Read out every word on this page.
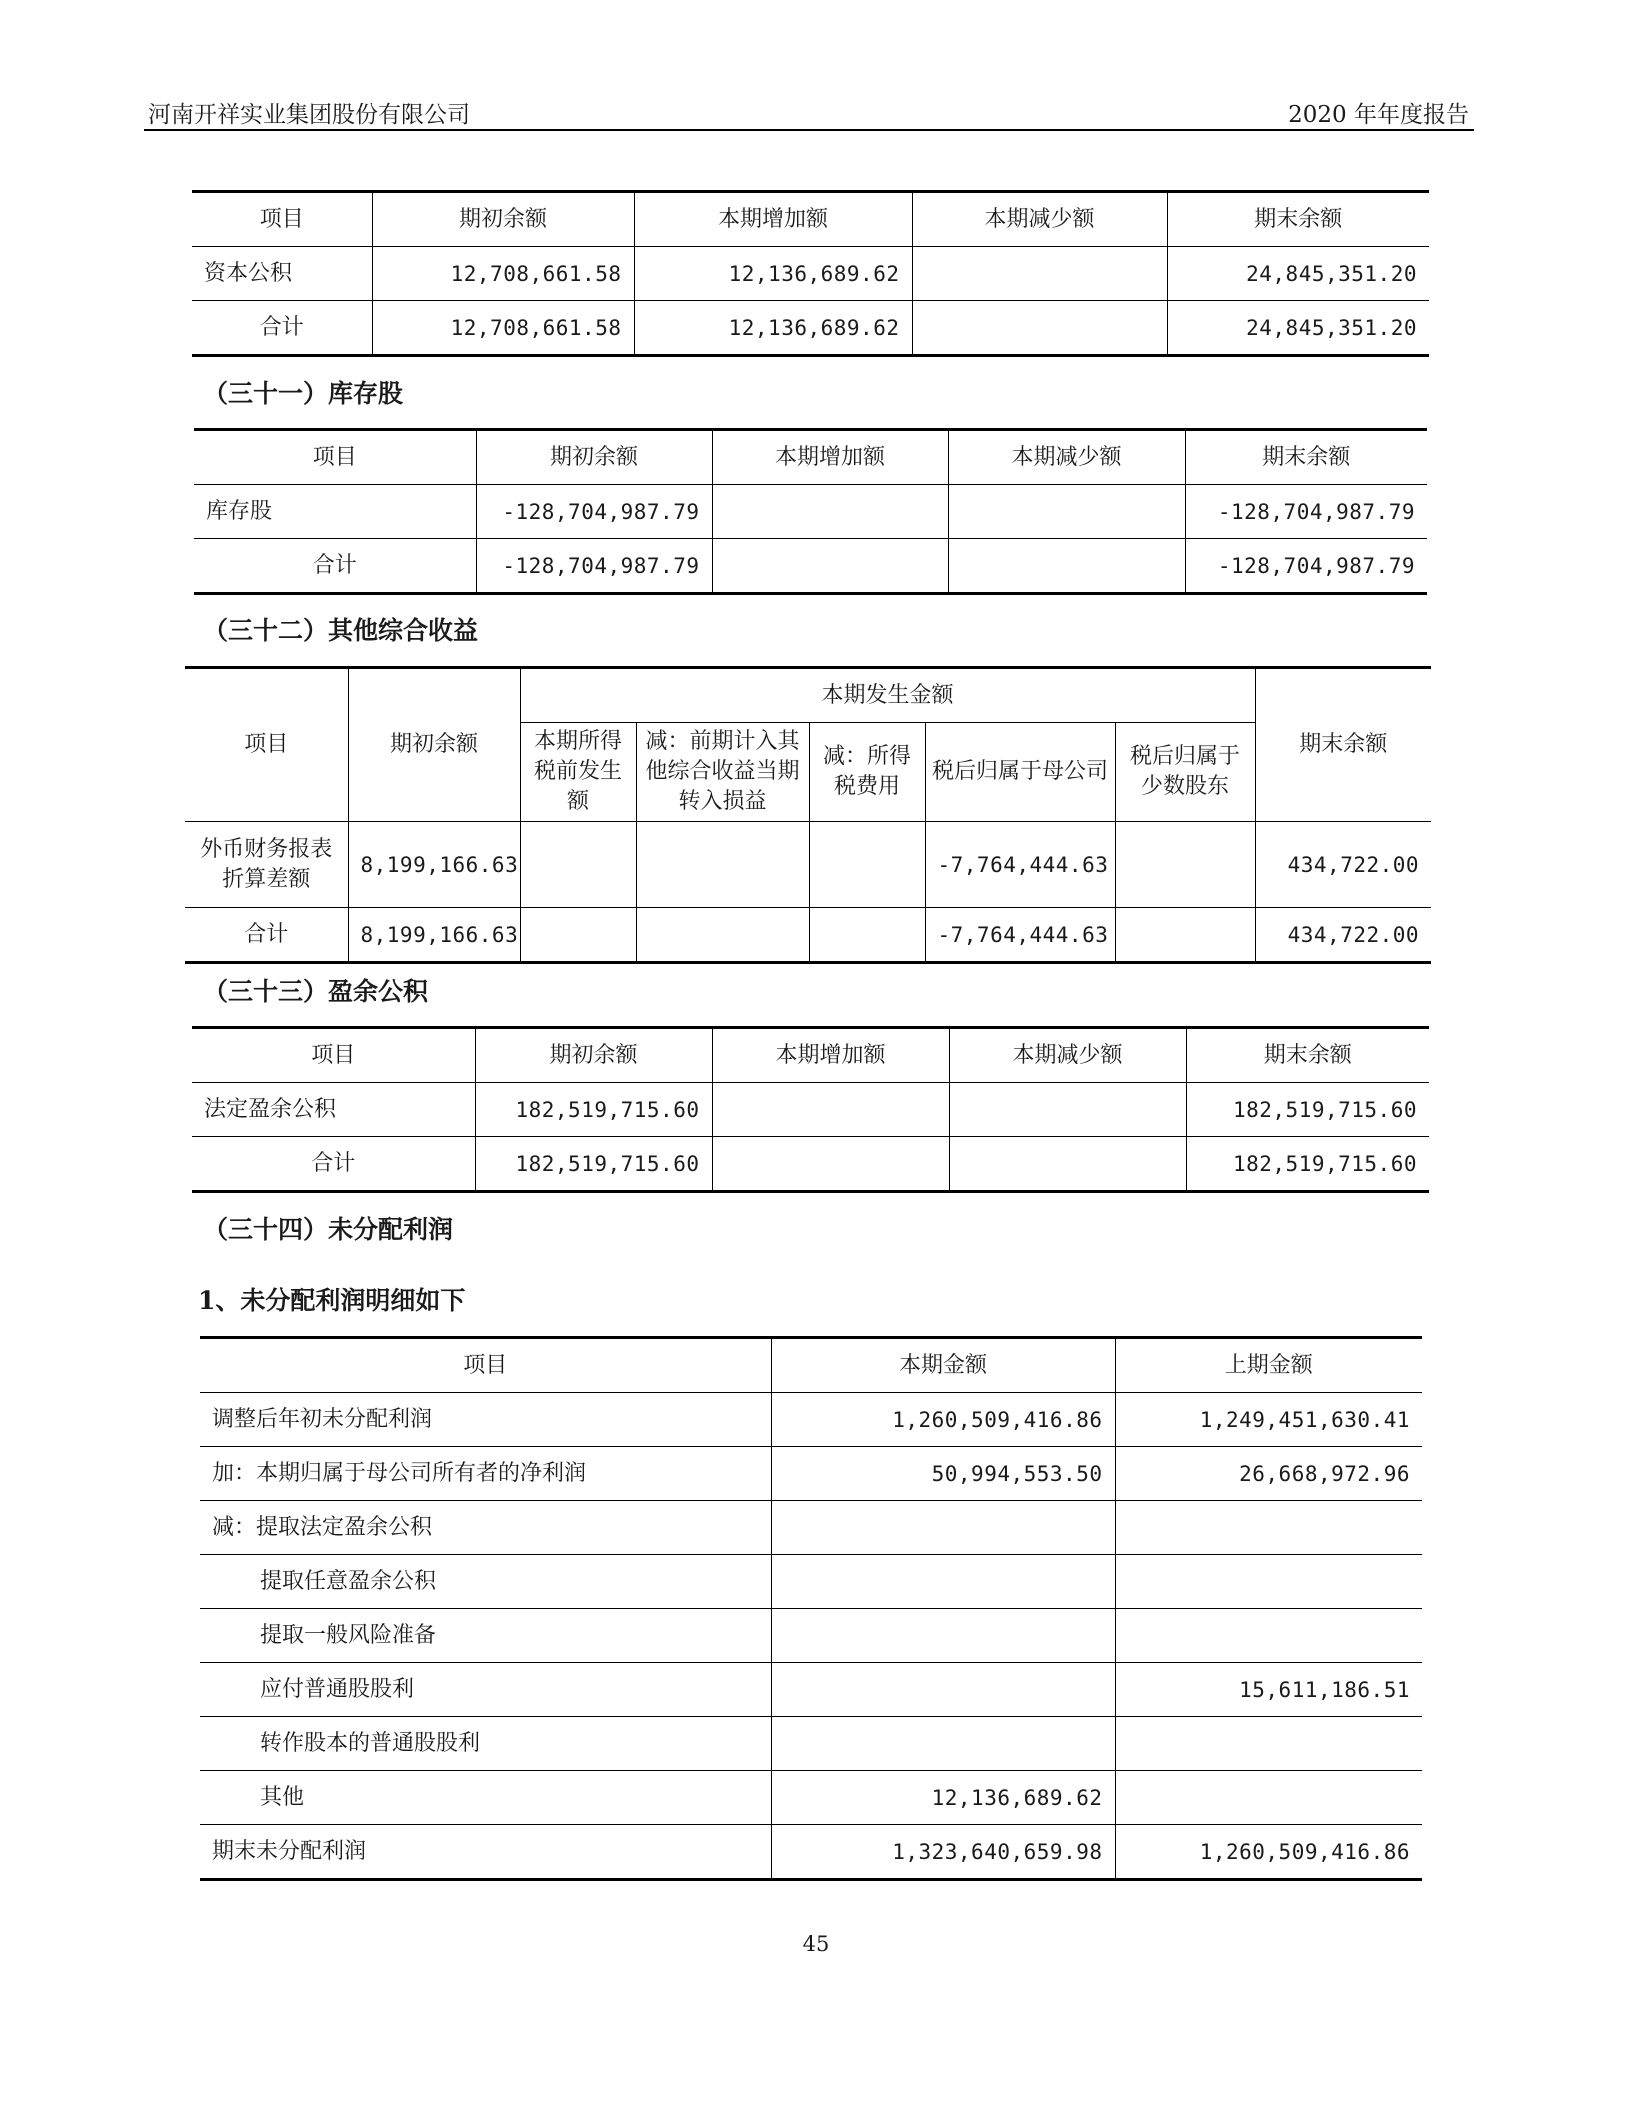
河南开祥实业集团股份有限公司	2020 年年度报告
项目	期初余额	本期增加额	本期减少额	期末余额
资本公积	12,708,661.58	12,136,689.62		24,845,351.20
合计	12,708,661.58	12,136,689.62		24,845,351.20
（三十一）库存股
项目	期初余额	本期增加额	本期减少额	期末余额
库存股	-128,704,987.79			-128,704,987.79
合计	-128,704,987.79			-128,704,987.79
（三十二）其他综合收益
项目	期初余额	本期发生金额					期末余额
		本期所得税前发生额	减：前期计入其他综合收益当期转入损益	减：所得税费用	税后归属于母公司	税后归属于少数股东	
外币财务报表折算差额	8,199,166.63				-7,764,444.63		434,722.00
合计	8,199,166.63				-7,764,444.63		434,722.00
（三十三）盈余公积
项目	期初余额	本期增加额	本期减少额	期末余额
法定盈余公积	182,519,715.60			182,519,715.60
合计	182,519,715.60			182,519,715.60
（三十四）未分配利润
1、未分配利润明细如下
项目	本期金额	上期金额
调整后年初未分配利润	1,260,509,416.86	1,249,451,630.41
加：本期归属于母公司所有者的净利润	50,994,553.50	26,668,972.96
减：提取法定盈余公积		
提取任意盈余公积		
提取一般风险准备		
应付普通股股利		15,611,186.51
转作股本的普通股股利		
其他	12,136,689.62	
期末未分配利润	1,323,640,659.98	1,260,509,416.86
45
